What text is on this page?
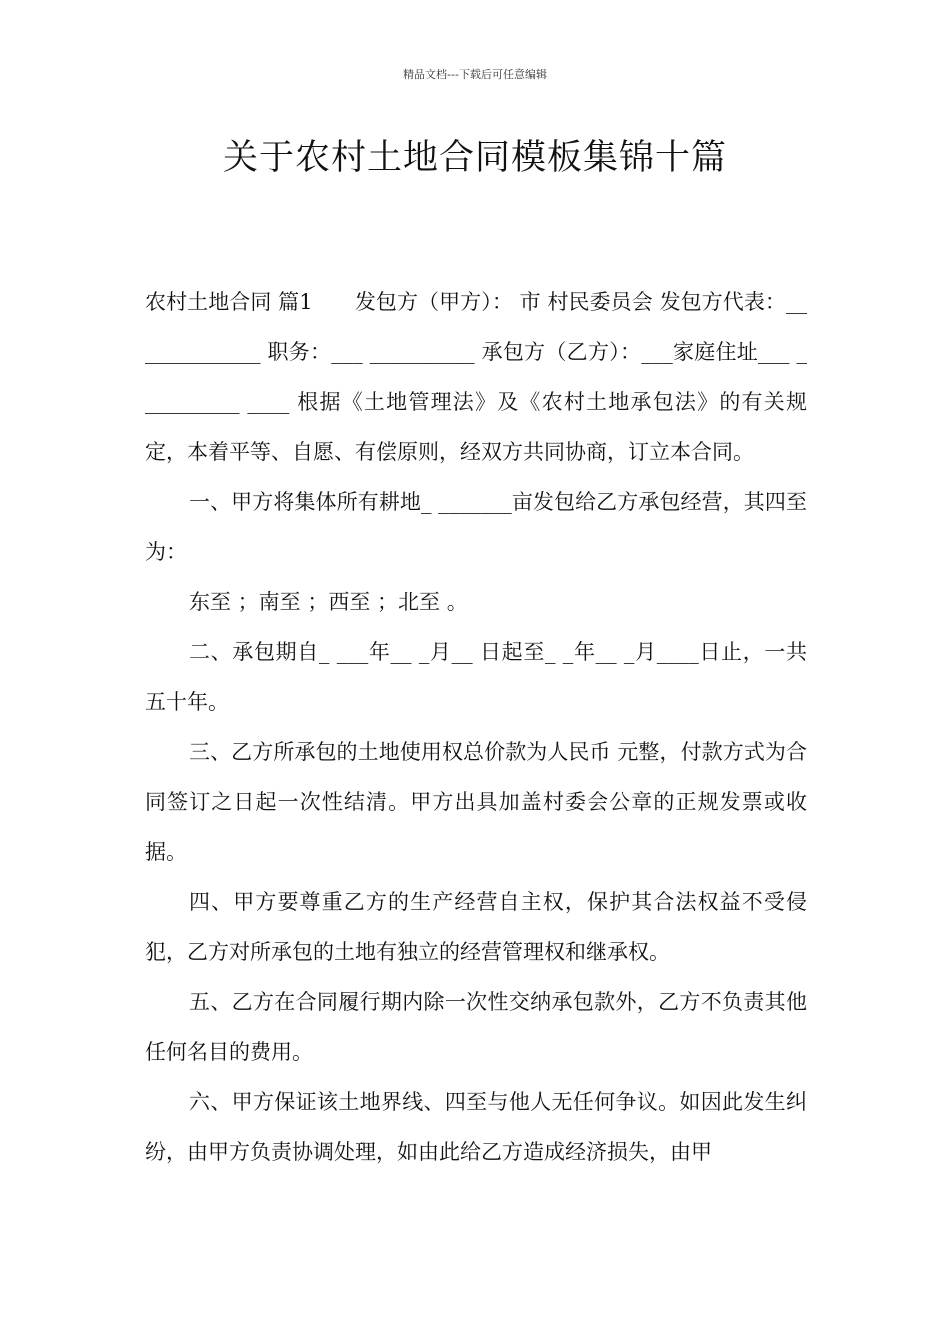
精品文档---下载后可任意编辑
关于农村土地合同模板集锦十篇

农村土地合同 篇1　　发包方（甲方）： 市 村民委员会 发包方代表：_____________ 职务：___ __________ 承包方（乙方）：___家庭住址___ __________ ____ 根据《土地管理法》及《农村土地承包法》的有关规定，本着平等、自愿、有偿原则，经双方共同协商，订立本合同。

一、甲方将集体所有耕地_ _______亩发包给乙方承包经营，其四至为：

东至 ；南至 ；西至 ；北至 。

二、承包期自_ ___年__ _月__ 日起至_ _年__ _月____日止，一共五十年。

三、乙方所承包的土地使用权总价款为人民币 元整，付款方式为合同签订之日起一次性结清。甲方出具加盖村委会公章的正规发票或收据。

四、甲方要尊重乙方的生产经营自主权，保护其合法权益不受侵犯，乙方对所承包的土地有独立的经营管理权和继承权。

五、乙方在合同履行期内除一次性交纳承包款外，乙方不负责其他任何名目的费用。

六、甲方保证该土地界线、四至与他人无任何争议。如因此发生纠纷，由甲方负责协调处理，如由此给乙方造成经济损失，由甲
